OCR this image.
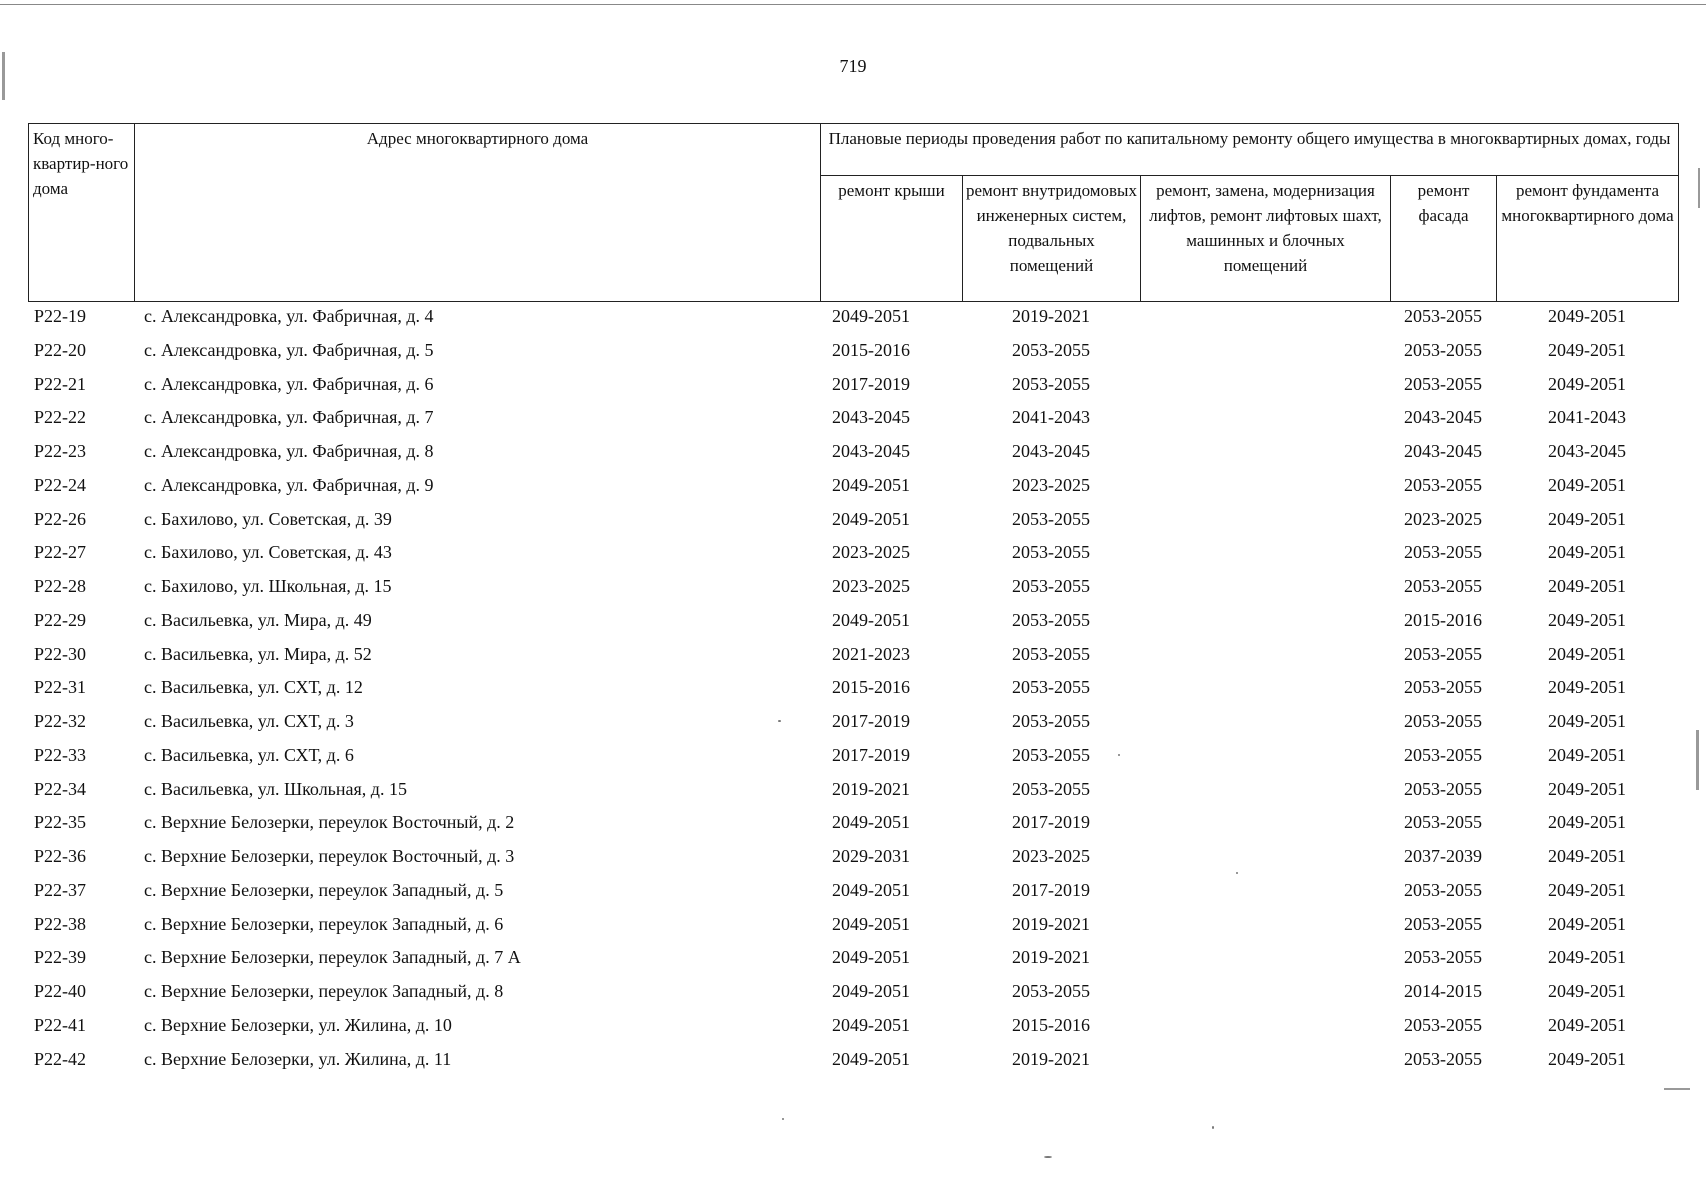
719
Код много-квартир-ного дома	Адрес многоквартирного дома	Плановые периоды проведения работ по капитальному ремонту общего имущества в многоквартирных домах, годы				
		ремонт крыши	ремонт внутридомовых инженерных систем, подвальных помещений	ремонт, замена, модернизация лифтов, ремонт лифтовых шахт, машинных и блочных помещений	ремонт фасада	ремонт фундамента многоквартирного дома
Р22-19	с. Александровка, ул. Фабричная, д. 4	2049-2051	2019-2021		2053-2055	2049-2051
Р22-20	с. Александровка, ул. Фабричная, д. 5	2015-2016	2053-2055		2053-2055	2049-2051
Р22-21	с. Александровка, ул. Фабричная, д. 6	2017-2019	2053-2055		2053-2055	2049-2051
Р22-22	с. Александровка, ул. Фабричная, д. 7	2043-2045	2041-2043		2043-2045	2041-2043
Р22-23	с. Александровка, ул. Фабричная, д. 8	2043-2045	2043-2045		2043-2045	2043-2045
Р22-24	с. Александровка, ул. Фабричная, д. 9	2049-2051	2023-2025		2053-2055	2049-2051
Р22-26	с. Бахилово, ул. Советская, д. 39	2049-2051	2053-2055		2023-2025	2049-2051
Р22-27	с. Бахилово, ул. Советская, д. 43	2023-2025	2053-2055		2053-2055	2049-2051
Р22-28	с. Бахилово, ул. Школьная, д. 15	2023-2025	2053-2055		2053-2055	2049-2051
Р22-29	с. Васильевка, ул. Мира, д. 49	2049-2051	2053-2055		2015-2016	2049-2051
Р22-30	с. Васильевка, ул. Мира, д. 52	2021-2023	2053-2055		2053-2055	2049-2051
Р22-31	с. Васильевка, ул. СХТ, д. 12	2015-2016	2053-2055		2053-2055	2049-2051
Р22-32	с. Васильевка, ул. СХТ, д. 3	2017-2019	2053-2055		2053-2055	2049-2051
Р22-33	с. Васильевка, ул. СХТ, д. 6	2017-2019	2053-2055		2053-2055	2049-2051
Р22-34	с. Васильевка, ул. Школьная, д. 15	2019-2021	2053-2055		2053-2055	2049-2051
Р22-35	с. Верхние Белозерки, переулок Восточный, д. 2	2049-2051	2017-2019		2053-2055	2049-2051
Р22-36	с. Верхние Белозерки, переулок Восточный, д. 3	2029-2031	2023-2025		2037-2039	2049-2051
Р22-37	с. Верхние Белозерки, переулок Западный, д. 5	2049-2051	2017-2019		2053-2055	2049-2051
Р22-38	с. Верхние Белозерки, переулок Западный, д. 6	2049-2051	2019-2021		2053-2055	2049-2051
Р22-39	с. Верхние Белозерки, переулок Западный, д. 7 А	2049-2051	2019-2021		2053-2055	2049-2051
Р22-40	с. Верхние Белозерки, переулок Западный, д. 8	2049-2051	2053-2055		2014-2015	2049-2051
Р22-41	с. Верхние Белозерки, ул. Жилина, д. 10	2049-2051	2015-2016		2053-2055	2049-2051
Р22-42	с. Верхние Белозерки, ул. Жилина, д. 11	2049-2051	2019-2021		2053-2055	2049-2051
